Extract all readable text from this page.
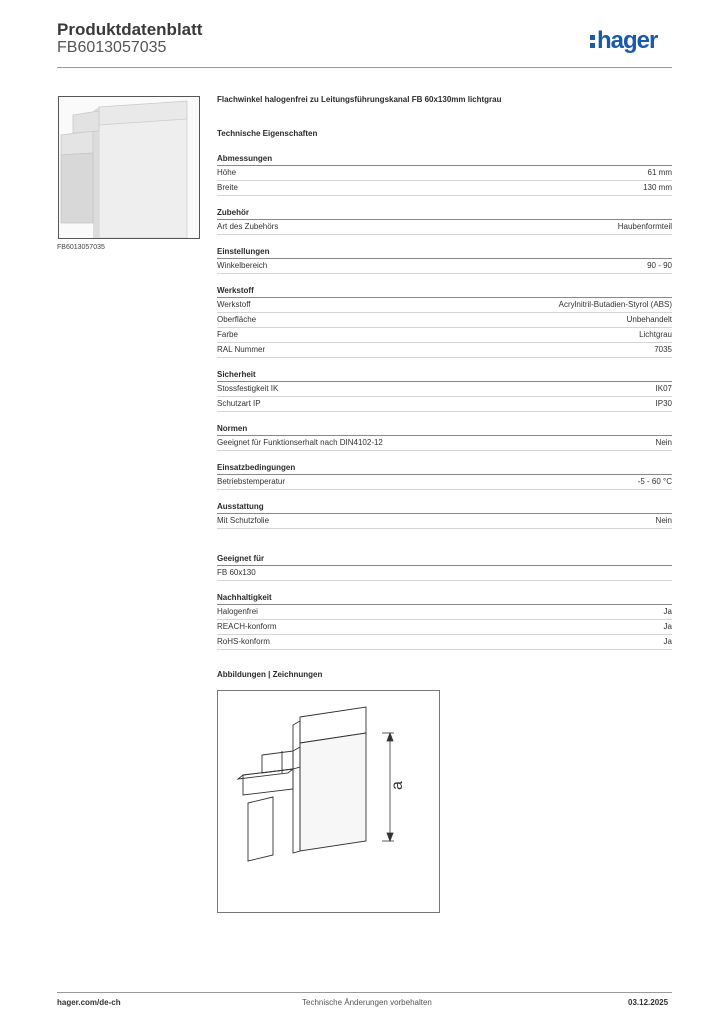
Produktdatenblatt
FB6013057035	hager
FB6013057035
Flachwinkel halogenfrei zu Leitungsführungskanal FB 60x130mm lichtgrau
Technische Eigenschaften
Abmessungen
Höhe	61 mm
Breite	130 mm
Zubehör
Art des Zubehörs	Haubenformteil
Einstellungen
Winkelbereich	90 - 90
Werkstoff
Werkstoff	Acrylnitril-Butadien-Styrol (ABS)
Oberfläche	Unbehandelt
Farbe	Lichtgrau
RAL Nummer	7035
Sicherheit
Stossfestigkeit IK	IK07
Schutzart IP	IP30
Normen
Geeignet für Funktionserhalt nach DIN4102-12	Nein
Einsatzbedingungen
Betriebstemperatur	-5 - 60 °C
Ausstattung
Mit Schutzfolie	Nein
Geeignet für
FB 60x130
Nachhaltigkeit
Halogenfrei	Ja
REACH-konform	Ja
RoHS-konform	Ja
Abbildungen | Zeichnungen
a
hager.com/de-ch	Technische Änderungen vorbehalten	03.12.2025
